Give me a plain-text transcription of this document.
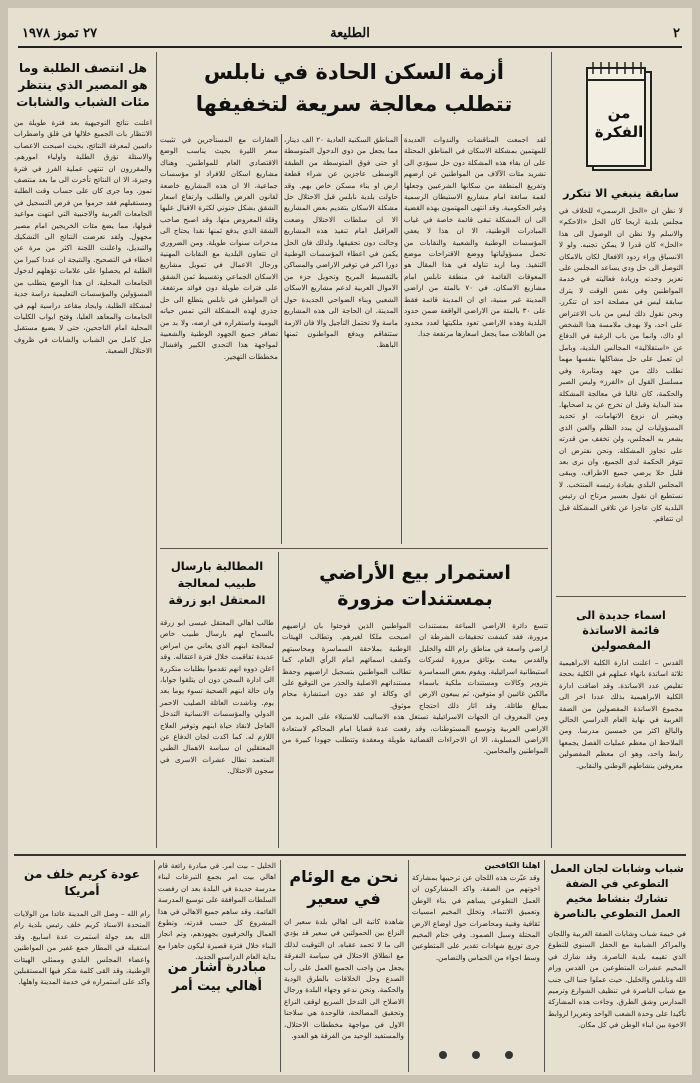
٢
الطليعة
٢٧ تموز ١٩٧٨
من الفكرة
سابقة ينبغي الا تتكرر

لا نظن ان «الحل الرسمي» للخلاف في مجلس بلدية اريحا كان الحل «الاحكم» والاسلم ولا نظن ان الوصول الى هذا «الحل» كان قدرا لا يمكن تجنبه. ولو لا الانسياق وراء ردود الافعال لكان بالامكان التوصل الى حل ودي يساعد المجلس على تعزيز وحدته وزيادة فعاليته في خدمة المواطنين وفي نفس الوقت لا يترك سابقة ليس في مصلحة احد ان تتكرر. ونحن نقول ذلك ليس من باب الاعتراض على احد، ولا بهدف ملامسة هذا الشخص او ذاك، وانما من باب الرغبة في الدفاع عن «استقلالية» المجالس البلدية، وبامل ان تعمل على حل مشاكلها بنفسها مهما تطلب ذلك من جهد ومثابرة. وفي مسلسل القول ان «الفرز» وليس الصبر والحكمة، كان غالبا في معالجة المشكلة منذ البداية وقبل ان تخرج عن يد اصحابها. ويعتبر ان نزوع الاتهامات، او تحديد المسؤوليات لن يبدد الظلم والغبن الذي يشعر به المجلس، ولن تخفف من قدرته على تجاوز المشكلة. ونحن نفترض ان تتوفر الحكمة لدى الجميع، وان نرى بعد قليل حلا يرضي جميع الاطراف، ويبقى المجلس البلدي بقيادة رئيسه المنتخب. لا نستطيع ان نقول بعسير مرتاح ان رئيس البلدية كان عاجزا عن تلافي المشكلة قبل ان تتفاقم.

اسماء جديدة الى قائمة الاساتذة المفصولين

القدس – اعلنت ادارة الكلية الابراهيمية ثلاثة اساتذة بانهاء عملهم في الكلية بحجة تقليص عدد الاساتذة. وقد اضافت ادارة الكلية الابراهيمية بذلك عددا اخر الى مجموع الاساتذة المفصولين من الضفة الغربية في نهاية العام الدراسي الحالي والبالغ اكثر من خمسين مدرسا. ومن الملاحظ ان معظم عمليات الفصل يجمعها رابط واحد، وهو ان معظم المفصولين معروفين بنشاطهم الوطني والنقابي.

أزمة السكن الحادة في نابلس تتطلب معالجة سريعة لتخفيفها

لقد اجمعت المناقشات والندوات العديدة للمهتمين بمشكلة الاسكان في المناطق المحتلة على ان بقاء هذه المشكلة دون حل سيؤدي الى تشريد مئات الآلاف من المواطنين عن ارضهم وتفريغ المنطقة من سكانها الشرعيين وجعلها لقمة سائغة امام مشاريع الاستيطان الرسمية وغير الحكومية. وقد انتهى المهتمون بهذه القضية الى ان المشكلة تبقى قائمة خاصة في غياب المبادرات الوطنية، الا ان هذا لا يعفي المؤسسات الوطنية والشعبية والنقابات من تحمل مسؤولياتها ووضع الاقتراحات موضع التنفيذ. وما اريد تناوله في هذا المقال هو المعوقات القائمة في منطقة نابلس امام مشاريع الاسكان. في ٧٠ بالمئة من اراضي المدينة غير مبنية، اي ان المدينة قائمة فقط على ٣٠ بالمئة من الاراضي الواقعة ضمن حدود البلدية وهذه الاراضي تعود ملكيتها لعدد محدود من العائلات مما يجعل اسعارها مرتفعة جدا.

المناطق السكنية العادية ٢٠ الف دينار، مما يجعل من ذوي الدخول المتوسطة او حتى فوق المتوسطة من الطبقة الوسطى عاجزين عن شراء قطعة ارض او بناء مسكن خاص بهم. وقد حاولت بلدية نابلس قبل الاحتلال حل مشكلة الاسكان بتقديم بعض المشاريع الا ان سلطات الاحتلال وضعت العراقيل امام تنفيذ هذه المشاريع وحالت دون تحقيقها. ولذلك فان الحل يكمن في اعطاء المؤسسات الوطنية دورا اكبر في توفير الاراضي والمساكن بالتقسيط المريح وتحويل جزء من الاموال العربية لدعم مشاريع الاسكان الشعبي وبناء الضواحي الجديدة حول المدينة. ان الحاجة الى هذه المشاريع ماسة ولا تحتمل التأجيل والا فان الازمة ستتفاقم ويدفع المواطنون ثمنها الباهظ.

العقارات مع المستأجرين في تثبيت سعر الليرة بحيث يناسب الوضع الاقتصادي العام للمواطنين. وهناك مشاريع اسكان للافراد او مؤسسات جماعية، الا ان هذه المشاريع خاضعة لقانون العرض والطلب وارتفاع اسعار الشقق بشكل جنوني لكثرة الاقبال عليها وقلة المعروض منها. وقد اصبح صاحب الشقة الذي يدفع ثمنها نقدا يحتاج الى مدخرات سنوات طويلة. ومن الضروري ان تتعاون البلدية مع النقابات المهنية ورجال الاعمال في تمويل مشاريع الاسكان الجماعي وتقسيط ثمن الشقق على فترات طويلة دون فوائد مرتفعة. ان المواطن في نابلس يتطلع الى حل جذري لهذه المشكلة التي تمس حياته اليومية واستقراره في ارضه، ولا بد من تضافر جميع الجهود الوطنية والشعبية لمواجهة هذا التحدي الكبير وافشال مخططات التهجير.

هل انتصف الطلبة وما هو المصير الذي ينتظر مئات الشباب والشابات

اعلنت نتائج التوجيهية بعد فترة طويلة من الانتظار بات الجميع خلالها في قلق واضطراب دائمين لمعرفة النتائج، بحيث اصبحت الاعصاب والاسئلة تؤرق الطلبة واولياء امورهم. والمقررون ان تنتهي عملية الفرز في فترة وجيزة، الا ان النتائج تأخرت الى ما بعد منتصف تموز. وما جرى كان على حساب وقت الطلبة ومستقبلهم فقد حرموا من فرص التسجيل في الجامعات العربية والاجنبية التي انتهت مواعيد قبولها، مما يضع مئات الخريجين امام مصير مجهول. ولقد تعرضت النتائج الى التشكيك والتبديل، واعلنت اللجنة اكثر من مرة عن اخطاء في التصحيح. والنتيجة ان عددا كبيرا من الطلبة لم يحصلوا على علامات تؤهلهم لدخول الجامعات المحلية. ان هذا الوضع يتطلب من المسؤولين والمؤسسات التعليمية دراسة جدية لمشكلة الطلبة، وايجاد مقاعد دراسية لهم في الجامعات والمعاهد العليا، وفتح ابواب الكليات المحلية امام الناجحين، حتى لا يضيع مستقبل جيل كامل من الشباب والشابات في ظروف الاحتلال الصعبة.

استمرار بيع الأراضي بمستندات مزورة

تتسع دائرة الاراضي المباعة بمستندات مزورة، فقد كشفت تحقيقات الشرطة ان اراضي واسعة في مناطق رام الله والخليل والقدس بيعت بوثائق مزورة لشركات استيطانية اسرائيلية. ويقوم بعض السماسرة بتزوير وكالات ومستندات ملكية باسماء مالكين غائبين او متوفين، ثم يبيعون الارض بمبالغ طائلة. وقد اثار ذلك احتجاج المواطنين الذين فوجئوا بان اراضيهم اصبحت ملكا لغيرهم. وتطالب الهيئات الوطنية بملاحقة السماسرة ومحاسبتهم وكشف اسمائهم امام الرأي العام، كما تطالب المواطنين بتسجيل اراضيهم وحفظ مستنداتهم الاصلية والحذر من التوقيع على اي وكالة او عقد دون استشارة محام موثوق.

ومن المعروف ان الجهات الاسرائيلية تستغل هذه الاساليب للاستيلاء على المزيد من الاراضي العربية وتوسيع المستوطنات، وقد رفعت عدة قضايا امام المحاكم لاستعادة الاراضي المسلوبة، الا ان الاجراءات القضائية طويلة ومعقدة وتتطلب جهودا كبيرة من المواطنين والمحامين.

المطالبة بارسال طبيب لمعالجة المعتقل ابو زرقة

طالب اهالي المعتقل عيسى ابو زرقة بالسماح لهم بارسال طبيب خاص لمعالجة ابنهم الذي يعاني من امراض عديدة تفاقمت خلال فترة اعتقاله. وقد اعلن ذووه انهم تقدموا بطلبات متكررة الى ادارة السجن دون ان يتلقوا جوابا، وان حالة ابنهم الصحية تسوء يوما بعد يوم. وناشدت العائلة الصليب الاحمر الدولي والمؤسسات الانسانية التدخل العاجل لانقاذ حياة ابنهم وتوفير العلاج اللازم له. كما اكدت لجان الدفاع عن المعتقلين ان سياسة الاهمال الطبي المتعمد تطال عشرات الاسرى في سجون الاحتلال.

شباب وشابات لجان العمل التطوعي في الضفة تشارك بنشاط مخيم العمل التطوعي بالناصرة

في خيمة شباب وشابات الضفة الغربية واللجان والمراكز الشبابية مع الحفل السنوي للتطوع الذي تقيمه بلدية الناصرة. وقد شارك في المخيم عشرات المتطوعين من القدس ورام الله ونابلس والخليل، حيث عملوا جنبا الى جنب مع شباب الناصرة في تنظيف الشوارع وترميم المدارس وشق الطرق. وجاءت هذه المشاركة تأكيدا على وحدة الشعب الواحد وتعزيزا لروابط الاخوة بين ابناء الوطن في كل مكان.

اهلنا الكافحين

وقد عبّرت هذه اللجان عن ترحيبها بمشاركة اخوتهم من الضفة، واكد المشاركون ان العمل التطوعي يساهم في بناء الوطن وتعميق الانتماء. وتخلل المخيم امسيات ثقافية وفنية ومحاضرات حول اوضاع الارض المحتلة وسبل الصمود. وفي ختام المخيم جرى توزيع شهادات تقدير على المتطوعين وسط اجواء من الحماس والتضامن.

نحن مع الوئام في سعير

شاهدة كاتبة الى اهالي بلدة سعير ان النزاع بين الحمولتين في سعير قد يؤدي الى ما لا تحمد عقباه. ان التوقيت لذلك مع انطلاق الاحتلال في سياسة التفرقة يجعل من واجب الجميع العمل على رأب الصدع وحل الخلافات بالطرق الودية والحكمة. ونحن ندعو وجهاء البلدة ورجال الاصلاح الى التدخل السريع لوقف النزاع وتحقيق المصالحة، فالوحدة هي سلاحنا الاول في مواجهة مخططات الاحتلال، والمستفيد الوحيد من الفرقة هو العدو.

الخليل – بيت امر. في مبادرة رائعة قام اهالي بيت امر بجمع التبرعات لبناء مدرسة جديدة في البلدة بعد ان رفضت السلطات الموافقة على توسيع المدرسة القائمة. وقد ساهم جميع الاهالي في هذا المشروع كل حسب قدرته، وتطوع العمال والحرفيون بجهودهم، وتم انجاز البناء خلال فترة قصيرة ليكون جاهزا مع بداية العام الدراسي الجديد.

مبادرة أشار من أهالي بيت أمر
عودة كريم خلف من أمريكا

رام الله – وصل الى المدينة عائدا من الولايات المتحدة الاستاذ كريم خلف رئيس بلدية رام الله بعد جولة استمرت عدة اسابيع. وقد استقبله في المطار جمع غفير من المواطنين واعضاء المجلس البلدي وممثلي الهيئات الوطنية، وقد القى كلمة شكر فيها المستقبلين واكد على استمراره في خدمة المدينة واهلها.
